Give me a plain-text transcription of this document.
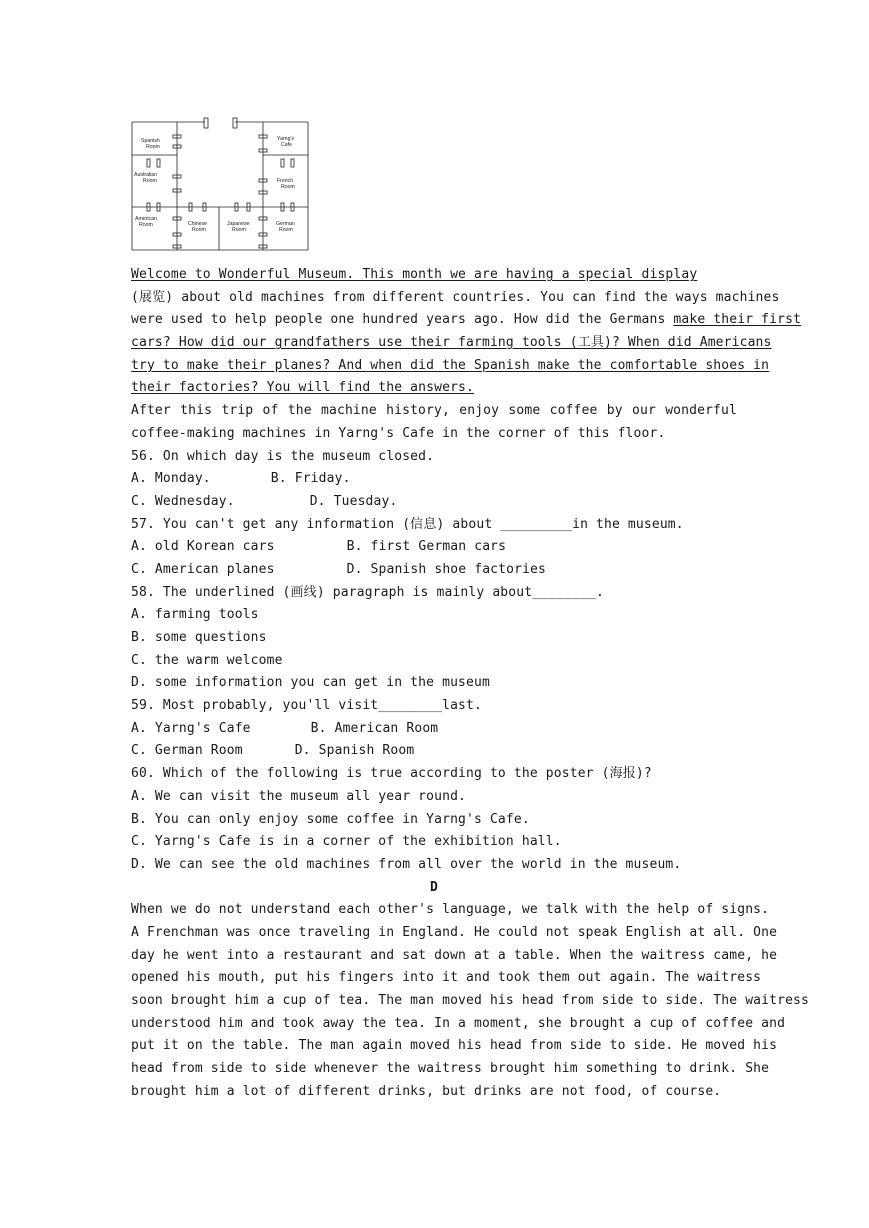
Spanish
Room
Yarng's
Cafe
Australian
Room	French
Room
American
Room	Chinese
Room
Japanese
Room
German
Room
Welcome to Wonderful Museum. This month we are having a special display
(展览) about old machines from different countries. You can find the ways machines
were used to help people one hundred years ago. How did the Germans make their first
cars? How did our grandfathers use their farming tools (工具)? When did Americans
try to make their planes? And when did the Spanish make the comfortable shoes in
their factories? You will find the answers.
After this trip of the machine history, enjoy some coffee by our wonderful
coffee-making machines in Yarng's Cafe in the corner of this floor.
56. On which day is the museum closed.
A. Monday.	B. Friday.
C. Wednesday.	D. Tuesday.
57. You can't get any information (信息) about _________in the museum.
A. old Korean cars	B. first German cars
C. American planes	D. Spanish shoe factories
58. The underlined (画线) paragraph is mainly about________.
A. farming tools
B. some questions
C. the warm welcome
D. some information you can get in the museum
59. Most probably, you'll visit________last.
A. Yarng's Cafe	B. American Room
C. German Room	D. Spanish Room
60. Which of the following is true according to the poster (海报)?
A. We can visit the museum all year round.
B. You can only enjoy some coffee in Yarng's Cafe.
C. Yarng's Cafe is in a corner of the exhibition hall.
D. We can see the old machines from all over the world in the museum.
D
When we do not understand each other's language, we talk with the help of signs.
A Frenchman was once traveling in England. He could not speak English at all. One
day he went into a restaurant and sat down at a table. When the waitress came, he
opened his mouth, put his fingers into it and took them out again. The waitress
soon brought him a cup of tea. The man moved his head from side to side. The waitress
understood him and took away the tea. In a moment, she brought a cup of coffee and
put it on the table. The man again moved his head from side to side. He moved his
head from side to side whenever the waitress brought him something to drink. She
brought him a lot of different drinks, but drinks are not food, of course.
